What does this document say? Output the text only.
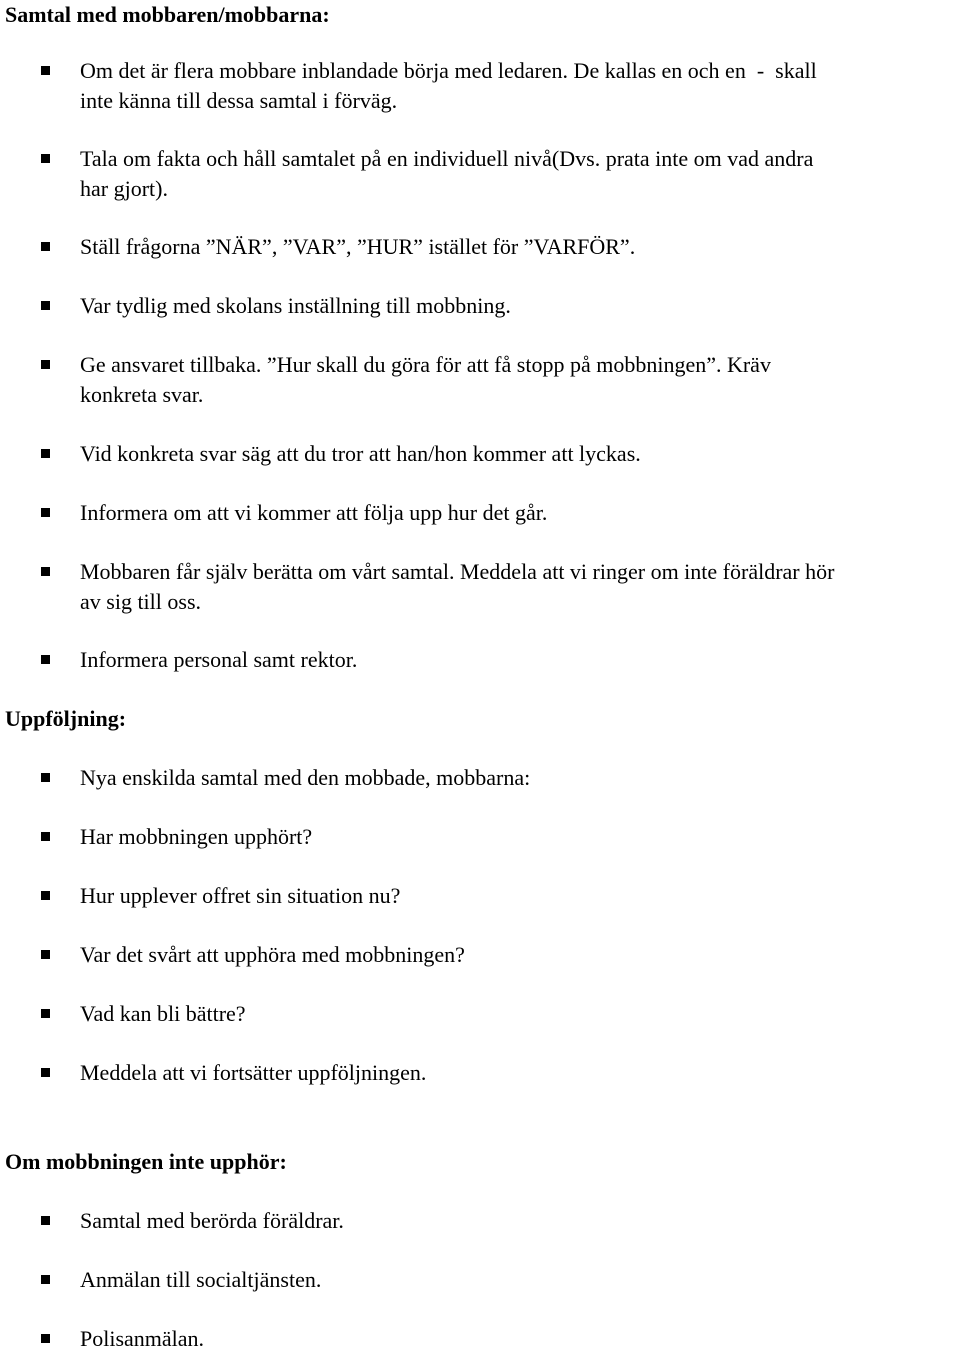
Samtal med mobbaren/mobbarna:
Om det är flera mobbare inblandade börja med ledaren. De kallas en och en  -  skall
inte känna till dessa samtal i förväg.
Tala om fakta och håll samtalet på en individuell nivå(Dvs. prata inte om vad andra
har gjort).
Ställ frågorna ”NÄR”, ”VAR”, ”HUR” istället för ”VARFÖR”.
Var tydlig med skolans inställning till mobbning.
Ge ansvaret tillbaka. ”Hur skall du göra för att få stopp på mobbningen”. Kräv
konkreta svar.
Vid konkreta svar säg att du tror att han/hon kommer att lyckas.
Informera om att vi kommer att följa upp hur det går.
Mobbaren får själv berätta om vårt samtal. Meddela att vi ringer om inte föräldrar hör
av sig till oss.
Informera personal samt rektor.
Uppföljning:
Nya enskilda samtal med den mobbade, mobbarna:
Har mobbningen upphört?
Hur upplever offret sin situation nu?
Var det svårt att upphöra med mobbningen?
Vad kan bli bättre?
Meddela att vi fortsätter uppföljningen.
Om mobbningen inte upphör:
Samtal med berörda föräldrar.
Anmälan till socialtjänsten.
Polisanmälan.
